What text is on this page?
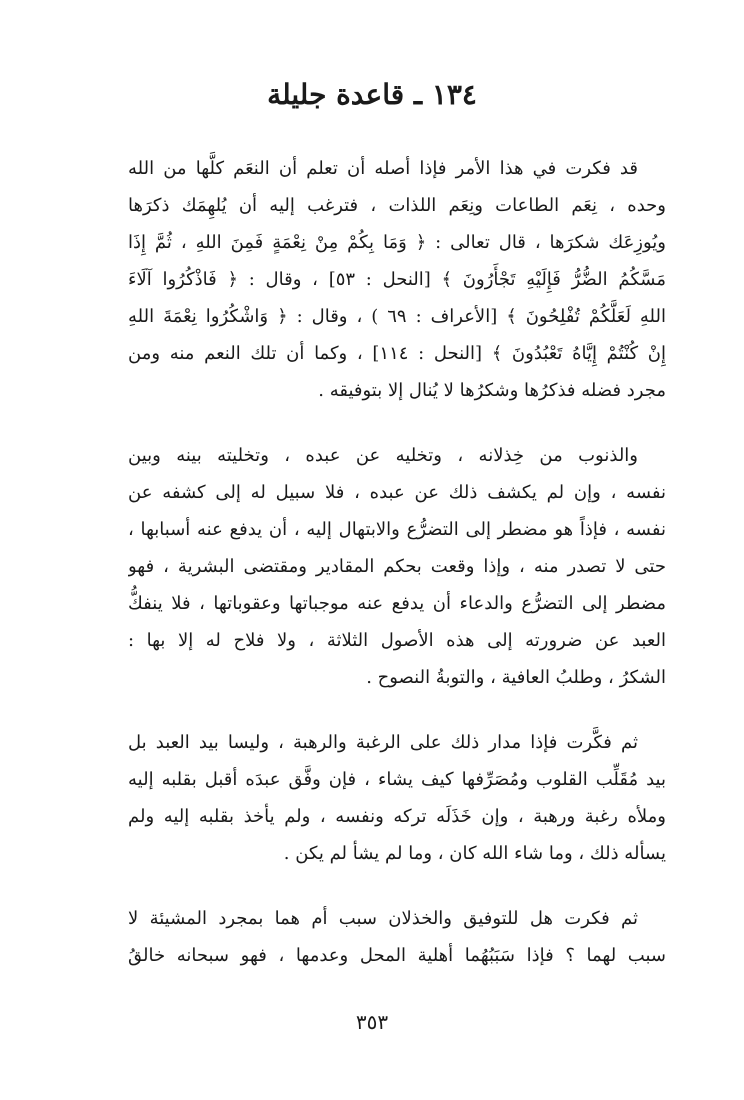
١٣٤ ـ قاعدة جليلة
قد فكرت في هذا الأمر فإذا أصله أن تعلم أن النعَم كلَّها من الله
وحده ، نِعَم الطاعات ونِعَم اللذات ، فترغب إليه أن يُلهِمَك ذكرَها
ويُوزِعَك شكرَها ، قال تعالى : ﴿ وَمَا بِكُمْ مِنْ نِعْمَةٍ فَمِنَ اللهِ ، ثُمَّ إِذَا
مَسَّكُمُ الضُّرُّ فَإِلَيْهِ تَجْأَرُونَ ﴾ [النحل : ٥٣] ، وقال : ﴿ فَاذْكُرُوا آلَاءَ
اللهِ لَعَلَّكُمْ تُفْلِحُونَ ﴾ [الأعراف : ٦٩ ) ، وقال : ﴿ وَاشْكُرُوا نِعْمَةَ اللهِ
إِنْ كُنْتُمْ إِيَّاهُ تَعْبُدُونَ ﴾ [النحل : ١١٤] ، وكما أن تلك النعم منه ومن
مجرد فضله فذكرُها وشكرُها لا يُنال إلا بتوفيقه .
والذنوب من خِذلانه ، وتخليه عن عبده ، وتخليته بينه وبين
نفسه ، وإن لم يكشف ذلك عن عبده ، فلا سبيل له إلى كشفه عن
نفسه ، فإذاً هو مضطر إلى التضرُّع والابتهال إليه ، أن يدفع عنه أسبابها ،
حتى لا تصدر منه ، وإذا وقعت بحكم المقادير ومقتضى البشرية ، فهو
مضطر إلى التضرُّع والدعاء أن يدفع عنه موجباتها وعقوباتها ، فلا ينفكُّ
العبد عن ضرورته إلى هذه الأصول الثلاثة ، ولا فلاح له إلا بها :
الشكرُ ، وطلبُ العافية ، والتوبةُ النصوح .
ثم فكَّرت فإذا مدار ذلك على الرغبة والرهبة ، وليسا بيد العبد بل
بيد مُقَلِّب القلوب ومُصَرِّفها كيف يشاء ، فإن وفَّق عبدَه أقبل بقلبه إليه
وملأه رغبة ورهبة ، وإن خَذَلَه تركه ونفسه ، ولم يأخذ بقلبه إليه ولم
يسأله ذلك ، وما شاء الله كان ، وما لم يشأ لم يكن .
ثم فكرت هل للتوفيق والخذلان سبب أم هما بمجرد المشيئة لا
سبب لهما ؟ فإذا سَبَبُهُما أهلية المحل وعدمها ، فهو سبحانه خالقُ

٣٥٣
